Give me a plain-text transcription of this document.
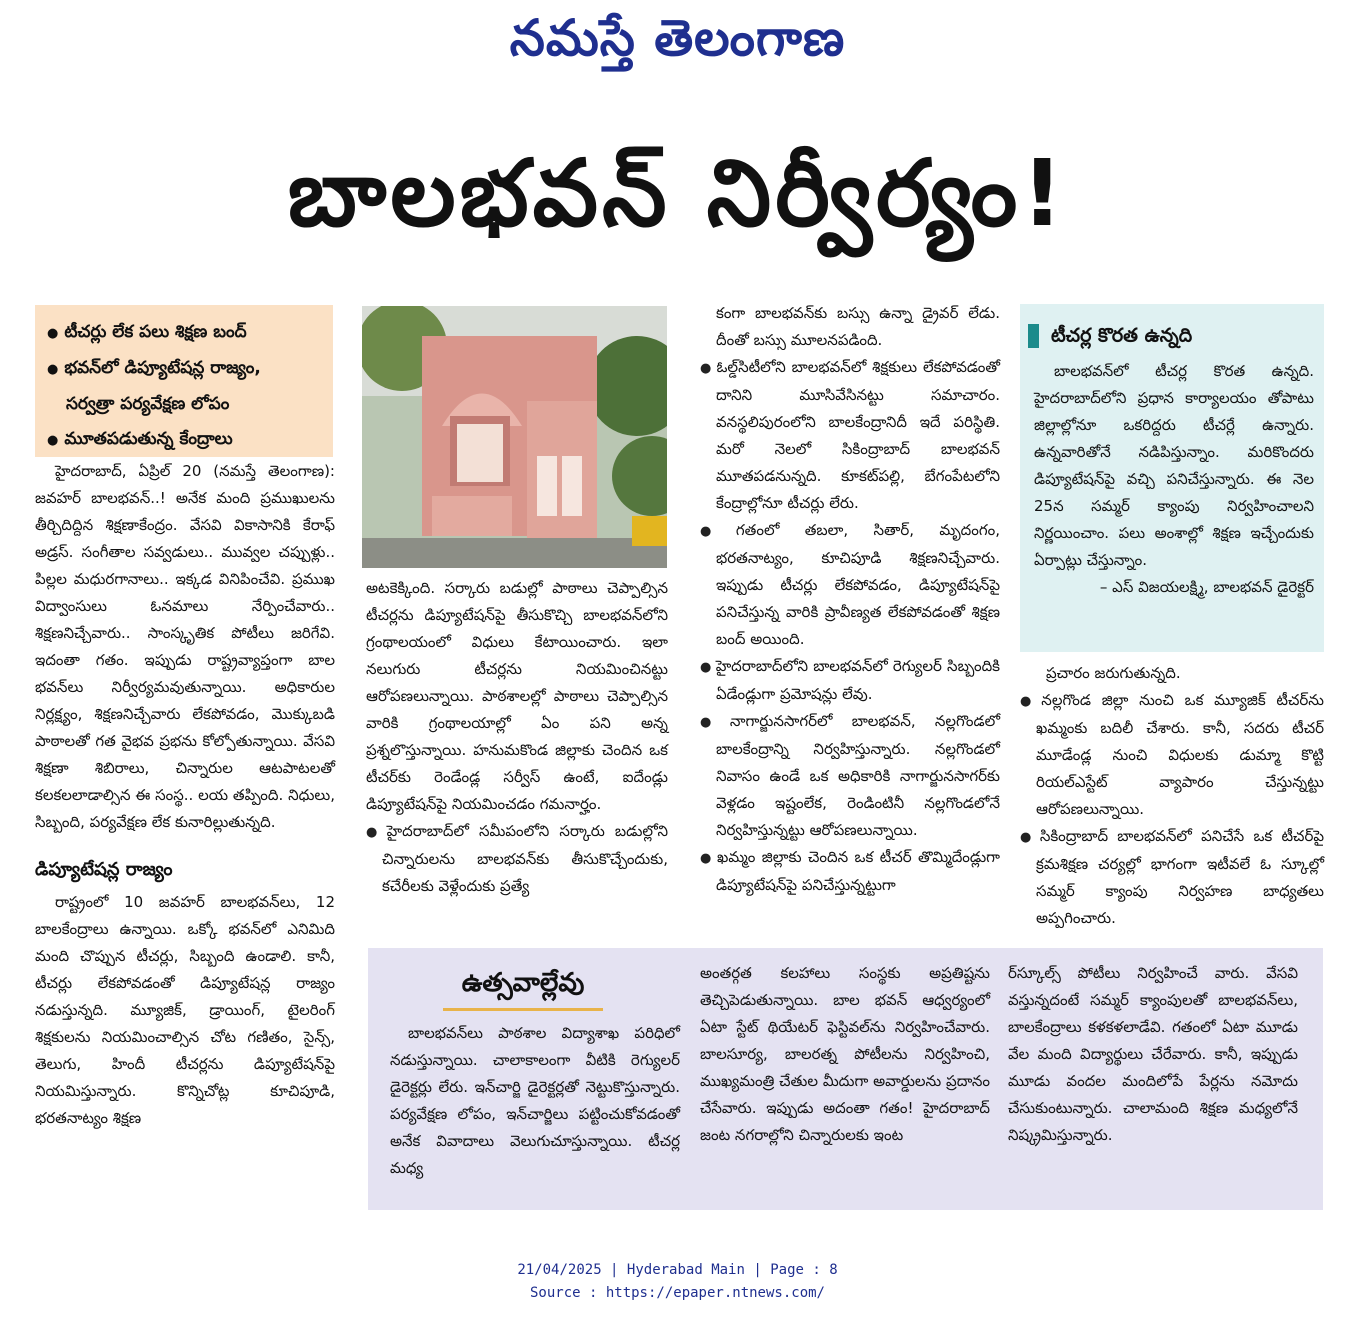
నమస్తే తెలంగాణ
బాలభవన్ నిర్వీర్యం!
● టీచర్లు లేక పలు శిక్షణ బంద్
● భవన్‌లో డిప్యూటేషన్ల రాజ్యం,
సర్వత్రా పర్యవేక్షణ లోపం
● మూతపడుతున్న కేంద్రాలు

హైదరాబాద్, ఏప్రిల్ 20 (నమస్తే తెలంగాణ): జవహర్ బాలభవన్..! అనేక మంది ప్రముఖులను తీర్చిదిద్దిన శిక్షణాకేంద్రం. వేసవి వికాసానికి కేరాఫ్ అడ్రస్. సంగీతాల సవ్వడులు.. మువ్వల చప్పుళ్లు.. పిల్లల మధురగానాలు.. ఇక్కడ వినిపించేవి. ప్రముఖ విద్వాంసులు ఓనమాలు నేర్పించేవారు.. శిక్షణనిచ్చేవారు.. సాంస్కృతిక పోటీలు జరిగేవి. ఇదంతా గతం. ఇప్పుడు రాష్ట్రవ్యాప్తంగా బాల భవన్‌లు నిర్వీర్యమవుతున్నాయి. అధికారుల నిర్లక్ష్యం, శిక్షణనిచ్చేవారు లేకపోవడం, మొక్కుబడి పాఠాలతో గత వైభవ ప్రభను కోల్పోతున్నాయి. వేసవి శిక్షణా శిబిరాలు, చిన్నారుల ఆటపాటలతో కలకలలాడాల్సిన ఈ సంస్థ.. లయ తప్పింది. నిధులు, సిబ్బంది, పర్యవేక్షణ లేక కునారిల్లుతున్నది.

డిప్యూటేషన్ల రాజ్యం

రాష్ట్రంలో 10 జవహర్ బాలభవన్‌లు, 12 బాలకేంద్రాలు ఉన్నాయి. ఒక్కో భవన్‌లో ఎనిమిది మంది చొప్పున టీచర్లు, సిబ్బంది ఉండాలి. కానీ, టీచర్లు లేకపోవడంతో డిప్యూటేషన్ల రాజ్యం నడుస్తున్నది. మ్యూజిక్, డ్రాయింగ్, టైలరింగ్ శిక్షకులను నియమించాల్సిన చోట గణితం, సైన్స్, తెలుగు, హిందీ టీచర్లను డిప్యూటేషన్‌పై నియమిస్తున్నారు. కొన్నిచోట్ల కూచిపూడి, భరతనాట్యం శిక్షణ

అటకెక్కింది. సర్కారు బడుల్లో పాఠాలు చెప్పాల్సిన టీచర్లను డిప్యూటేషన్‌పై తీసుకొచ్చి బాలభవన్‌లోని గ్రంథాలయంలో విధులు కేటాయించారు. ఇలా నలుగురు టీచర్లను నియమించినట్టు ఆరోపణలున్నాయి. పాఠశాలల్లో పాఠాలు చెప్పాల్సిన వారికి గ్రంథాలయాల్లో ఏం పని అన్న ప్రశ్నలొస్తున్నాయి. హనుమకొండ జిల్లాకు చెందిన ఒక టీచర్‌కు రెండేండ్ల సర్వీస్ ఉంటే, ఐదేండ్లు డిప్యూటేషన్‌పై నియమించడం గమనార్హం.

● హైదరాబాద్‌లో సమీపంలోని సర్కారు బడుల్లోని చిన్నారులను బాలభవన్‌కు తీసుకొచ్చేందుకు, కచేరీలకు వెళ్లేందుకు ప్రత్యే

కంగా బాలభవన్‌కు బస్సు ఉన్నా డ్రైవర్ లేడు. దీంతో బస్సు మూలనపడింది.

● ఓల్డ్‌సిటీలోని బాలభవన్‌లో శిక్షకులు లేకపోవడంతో దానిని మూసివేసినట్టు సమాచారం. వనస్థలిపురంలోని బాలకేంద్రానిదీ ఇదే పరిస్థితి. మరో నెలలో సికింద్రాబాద్ బాలభవన్ మూతపడనున్నది. కూకట్‌పల్లి, బేగంపేటలోని కేంద్రాల్లోనూ టీచర్లు లేరు.

● గతంలో తబలా, సితార్, మృదంగం, భరతనాట్యం, కూచిపూడి శిక్షణనిచ్చేవారు. ఇప్పుడు టీచర్లు లేకపోవడం, డిప్యూటేషన్‌పై పనిచేస్తున్న వారికి ప్రావీణ్యత లేకపోవడంతో శిక్షణ బంద్ అయింది.

● హైదరాబాద్‌లోని బాలభవన్‌లో రెగ్యులర్ సిబ్బందికి ఏడేండ్లుగా ప్రమోషన్లు లేవు.

● నాగార్జునసాగర్‌లో బాలభవన్, నల్లగొండలో బాలకేంద్రాన్ని నిర్వహిస్తున్నారు. నల్లగొండలో నివాసం ఉండే ఒక అధికారికి నాగార్జునసాగర్‌కు వెళ్లడం ఇష్టంలేక, రెండింటినీ నల్లగొండలోనే నిర్వహిస్తున్నట్టు ఆరోపణలున్నాయి.

● ఖమ్మం జిల్లాకు చెందిన ఒక టీచర్ తొమ్మిదేండ్లుగా డిప్యూటేషన్‌పై పనిచేస్తున్నట్టుగా

టీచర్ల కొరత ఉన్నది

బాలభవన్‌లో టీచర్ల కొరత ఉన్నది. హైదరాబాద్‌లోని ప్రధాన కార్యాలయం తోపాటు జిల్లాల్లోనూ ఒకరిద్దరు టీచర్లే ఉన్నారు. ఉన్నవారితోనే నడిపిస్తున్నాం. మరికొందరు డిప్యూటేషన్‌పై వచ్చి పనిచేస్తున్నారు. ఈ నెల 25న సమ్మర్ క్యాంపు నిర్వహించాలని నిర్ణయించాం. పలు అంశాల్లో శిక్షణ ఇచ్చేందుకు ఏర్పాట్లు చేస్తున్నాం.

– ఎస్ విజయలక్ష్మి, బాలభవన్ డైరెక్టర్

ప్రచారం జరుగుతున్నది.

● నల్లగొండ జిల్లా నుంచి ఒక మ్యూజిక్ టీచర్‌ను ఖమ్మంకు బదిలీ చేశారు. కానీ, సదరు టీచర్ మూడేండ్ల నుంచి విధులకు డుమ్మా కొట్టి రియల్‌ఎస్టేట్ వ్యాపారం చేస్తున్నట్టు ఆరోపణలున్నాయి.

● సికింద్రాబాద్ బాలభవన్‌లో పనిచేసే ఒక టీచర్‌పై క్రమశిక్షణ చర్యల్లో భాగంగా ఇటీవలే ఓ స్కూల్లో సమ్మర్ క్యాంపు నిర్వహణ బాధ్యతలు అప్పగించారు.

ఉత్సవాల్లేవు

బాలభవన్‌లు పాఠశాల విద్యాశాఖ పరిధిలో నడుస్తున్నాయి. చాలాకాలంగా వీటికి రెగ్యులర్ డైరెక్టర్లు లేరు. ఇన్‌చార్జి డైరెక్టర్లతో నెట్టుకొస్తున్నారు. పర్యవేక్షణ లోపం, ఇన్‌చార్జిలు పట్టించుకోవడంతో అనేక వివాదాలు వెలుగుచూస్తున్నాయి. టీచర్ల మధ్య

అంతర్గత కలహాలు సంస్థకు అప్రతిష్టను తెచ్చిపెడుతున్నాయి. బాల భవన్ ఆధ్వర్యంలో ఏటా స్టేట్ థియేటర్ ఫెస్టివల్‌ను నిర్వహించేవారు. బాలసూర్య, బాలరత్న పోటీలను నిర్వహించి, ముఖ్యమంత్రి చేతుల మీదుగా అవార్డులను ప్రదానం చేసేవారు. ఇప్పుడు అదంతా గతం! హైదరాబాద్ జంట నగరాల్లోని చిన్నారులకు ఇంట

ర్‌స్కూల్స్ పోటీలు నిర్వహించే వారు. వేసవి వస్తున్నదంటే సమ్మర్ క్యాంపులతో బాలభవన్‌లు, బాలకేంద్రాలు కళకళలాడేవి. గతంలో ఏటా మూడు వేల మంది విద్యార్థులు చేరేవారు. కానీ, ఇప్పుడు మూడు వందల మందిలోపే పేర్లను నమోదు చేసుకుంటున్నారు. చాలామంది శిక్షణ మధ్యలోనే నిష్క్రమిస్తున్నారు.

21/04/2025 | Hyderabad Main | Page : 8
Source : https://epaper.ntnews.com/
